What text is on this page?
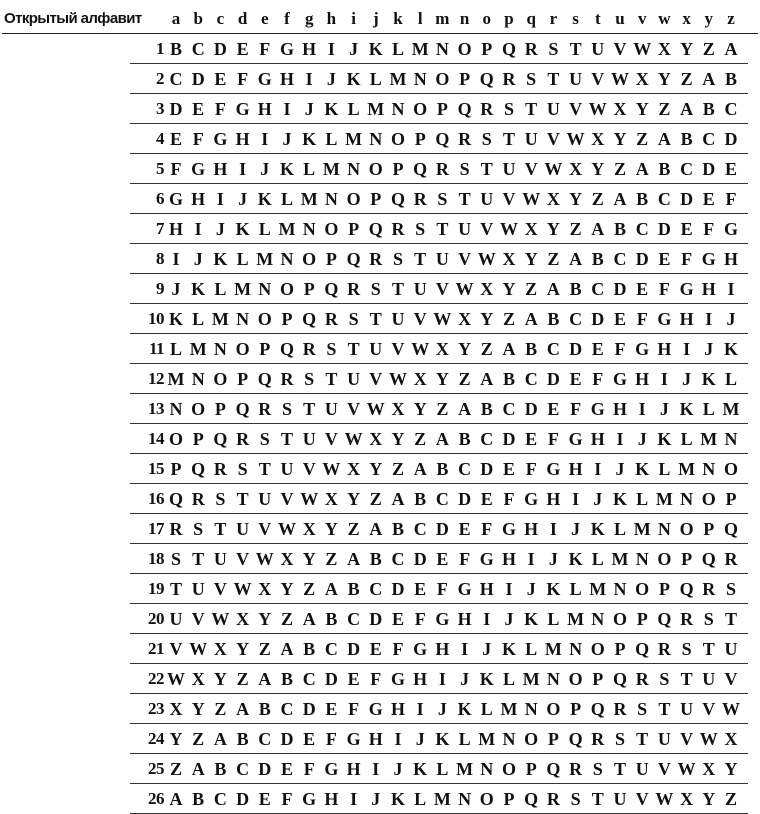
Открытый алфавит	a b c d e f g h i	j k l m n o p q r s t u v w x y z
1 B C D E F G H I J K L M N O P Q R S T U V W X Y Z A
2 C D E F G H I J K L M N O P Q R S T U V W X Y Z A B
3 D E F G H I J K L M N O P Q R S T U V W X Y Z A B C
4 E F G H I J K L M N O P Q R S T U V W X Y Z A B C D
5 F G H I J K L M N O P Q R S T U V W X Y Z A B C D E
6 G H I J K L M N O P Q R S T U V W X Y Z A B C D E F
7 H I J K L M N O P Q R S T U V W X Y Z A B C D E F G
8 I J K L M N O P Q R S T U V W X Y Z A B C D E F G H
9 J K L M N O P Q R S T U V W X Y Z A B C D E F G H I
10 K L M N O P Q R S T U V W X Y Z A B C D E F G H I J
11 L M N O P Q R S T U V W X Y Z A B C D E F G H I J K
12 M N O P Q R S T U V W X Y Z A B C D E F G H I J K L
13 N O P Q R S T U V W X Y Z A B C D E F G H I J K L M
14 O P Q R S T U V W X Y Z A B C D E F G H I J K L M N
15 P Q R S T U V W X Y Z A B C D E F G H I J K L M N O
16 Q R S T U V W X Y Z A B C D E F G H I J K L M N O P
17 R S T U V W X Y Z A B C D E F G H I J K L M N O P Q
18 S T U V W X Y Z A B C D E F G H I J K L M N O P Q R
19 T U V W X Y Z A B C D E F G H I J K L M N O P Q R S
20 U V W X Y Z A B C D E F G H I J K L M N O P Q R S T
21 V W X Y Z A B C D E F G H I J K L M N O P Q R S T U
22 W X Y Z A B C D E F G H I J K L M N O P Q R S T U V
23 X Y Z A B C D E F G H I J K L M N O P Q R S T U V W
24 Y Z A B C D E F G H I J K L M N O P Q R S T U V W X
25 Z A B C D E F G H I J K L M N O P Q R S T U V W X Y
26 A B C D E F G H I J K L M N O P Q R S T U V W X Y Z
